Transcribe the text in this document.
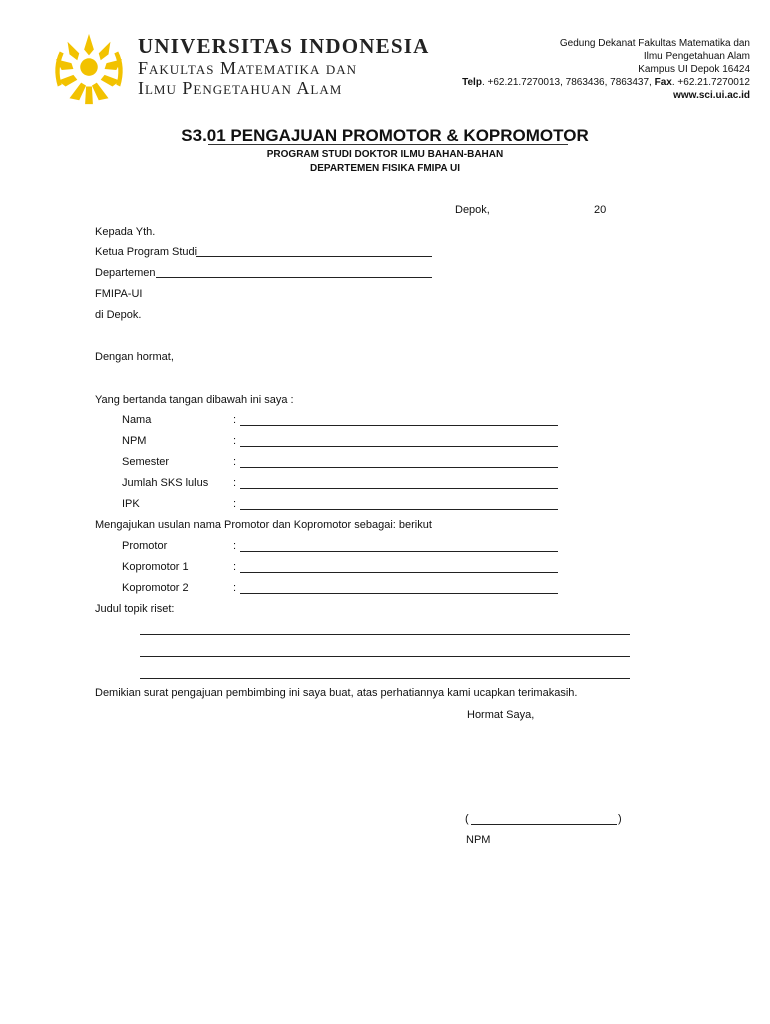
UNIVERSITAS INDONESIA
Fakultas Matematika dan
Ilmu Pengetahuan Alam
Gedung Dekanat Fakultas Matematika dan
Ilmu Pengetahuan Alam
Kampus UI Depok 16424
Telp. +62.21.7270013, 7863436, 7863437, Fax. +62.21.7270012
www.sci.ui.ac.id
S3.01 PENGAJUAN PROMOTOR & KOPROMOTOR
PROGRAM STUDI DOKTOR ILMU BAHAN-BAHAN
DEPARTEMEN FISIKA FMIPA UI
Depok,	20
Kepada Yth.
Ketua Program Studi
Departemen
FMIPA-UI
di Depok.
Dengan hormat,
Yang bertanda tangan dibawah ini saya :
Nama	:
NPM	:
Semester	:
Jumlah SKS lulus :
IPK	:
Mengajukan usulan nama Promotor dan Kopromotor sebagai: berikut
Promotor	:
Kopromotor 1	:
Kopromotor 2	:
Judul topik riset:
Demikian surat pengajuan pembimbing ini saya buat, atas perhatiannya kami ucapkan terimakasih.
Hormat Saya,
(	)
NPM
